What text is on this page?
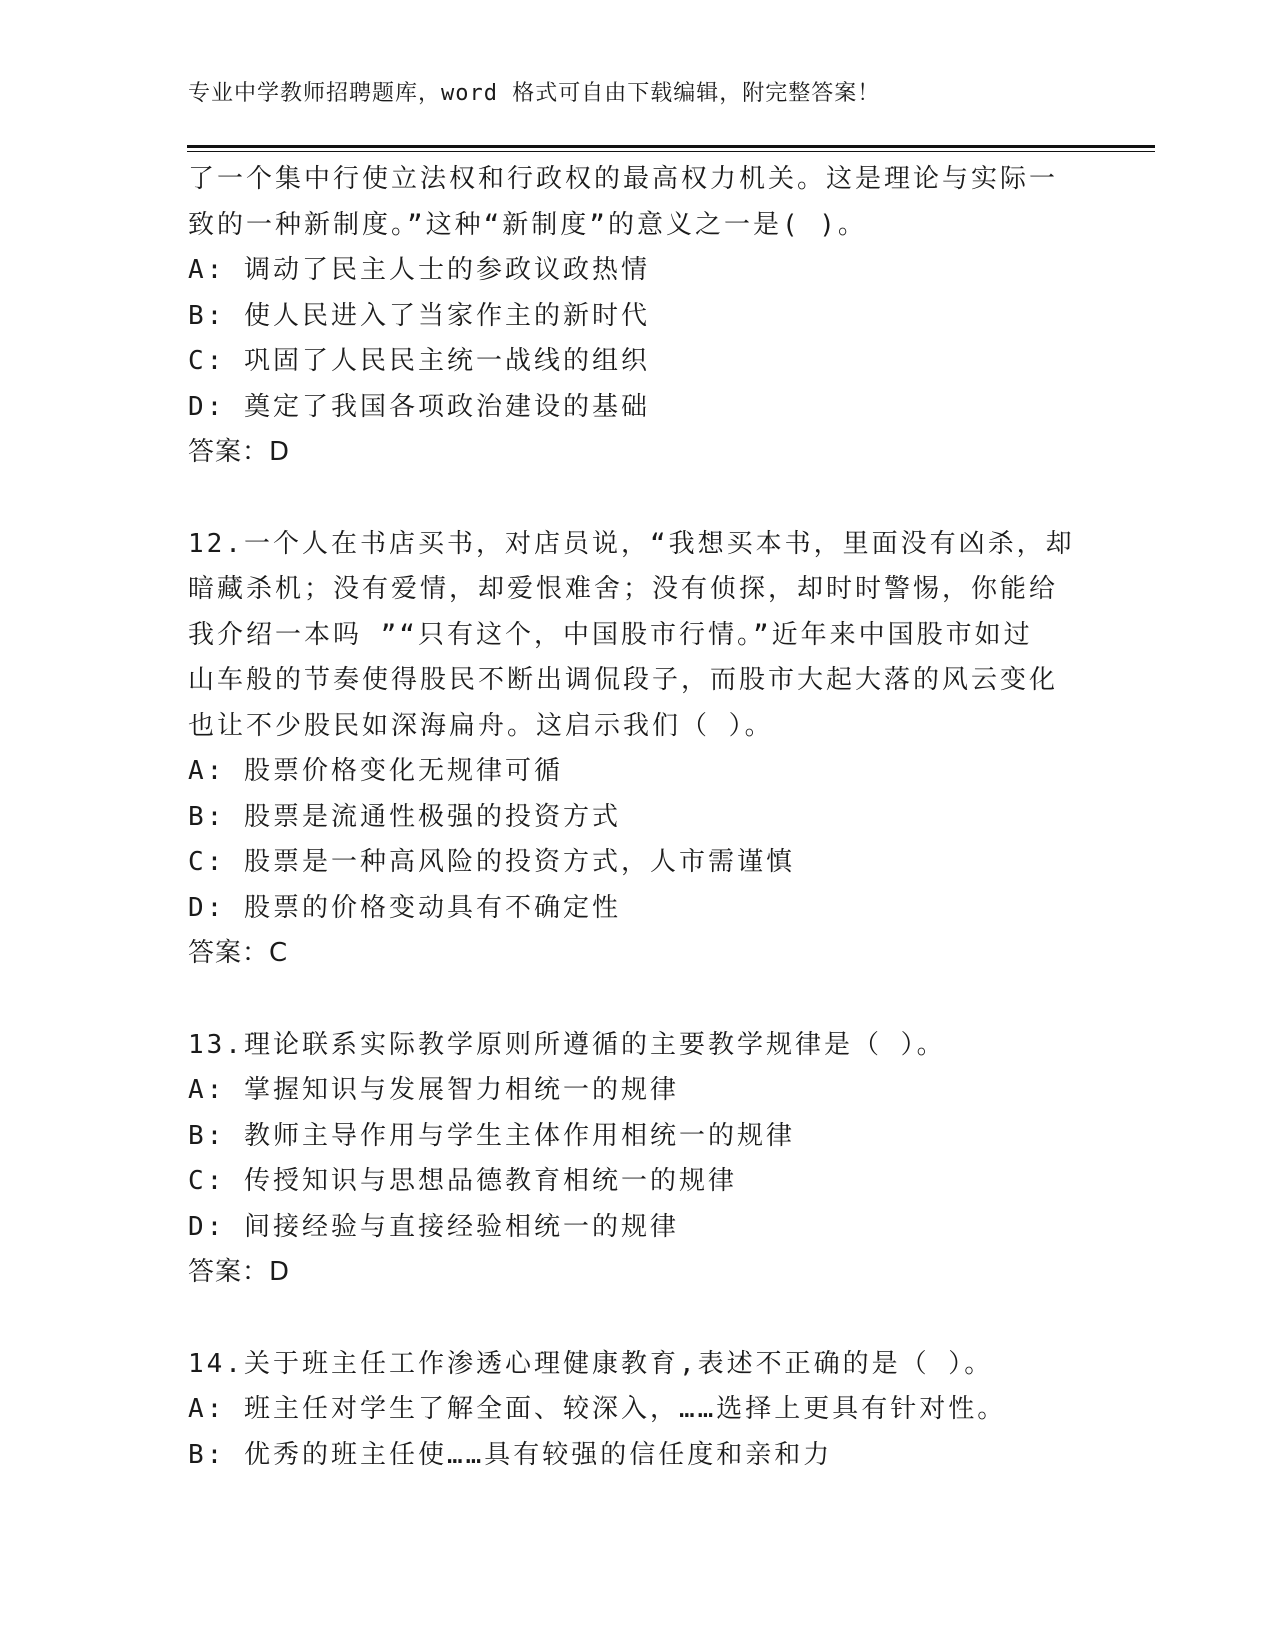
专业中学教师招聘题库，word 格式可自由下载编辑，附完整答案！
了一个集中行使立法权和行政权的最高权力机关。这是理论与实际一
致的一种新制度。”这种“新制度”的意义之一是( )。
A: 调动了民主人士的参政议政热情
B: 使人民进入了当家作主的新时代
C: 巩固了人民民主统一战线的组织
D: 奠定了我国各项政治建设的基础
答案：D
12.一个人在书店买书，对店员说，“我想买本书，里面没有凶杀，却
暗藏杀机；没有爱情，却爱恨难舍；没有侦探，却时时警惕，你能给
我介绍一本吗 ”“只有这个，中国股市行情。”近年来中国股市如过
山车般的节奏使得股民不断出调侃段子，而股市大起大落的风云变化
也让不少股民如深海扁舟。这启示我们（ ）。
A: 股票价格变化无规律可循
B: 股票是流通性极强的投资方式
C: 股票是一种高风险的投资方式，人市需谨慎
D: 股票的价格变动具有不确定性
答案：C
13.理论联系实际教学原则所遵循的主要教学规律是（ ）。
A: 掌握知识与发展智力相统一的规律
B: 教师主导作用与学生主体作用相统一的规律
C: 传授知识与思想品德教育相统一的规律
D: 间接经验与直接经验相统一的规律
答案：D
14.关于班主任工作渗透心理健康教育,表述不正确的是（ ）。
A: 班主任对学生了解全面、较深入，……选择上更具有针对性。
B: 优秀的班主任使……具有较强的信任度和亲和力
